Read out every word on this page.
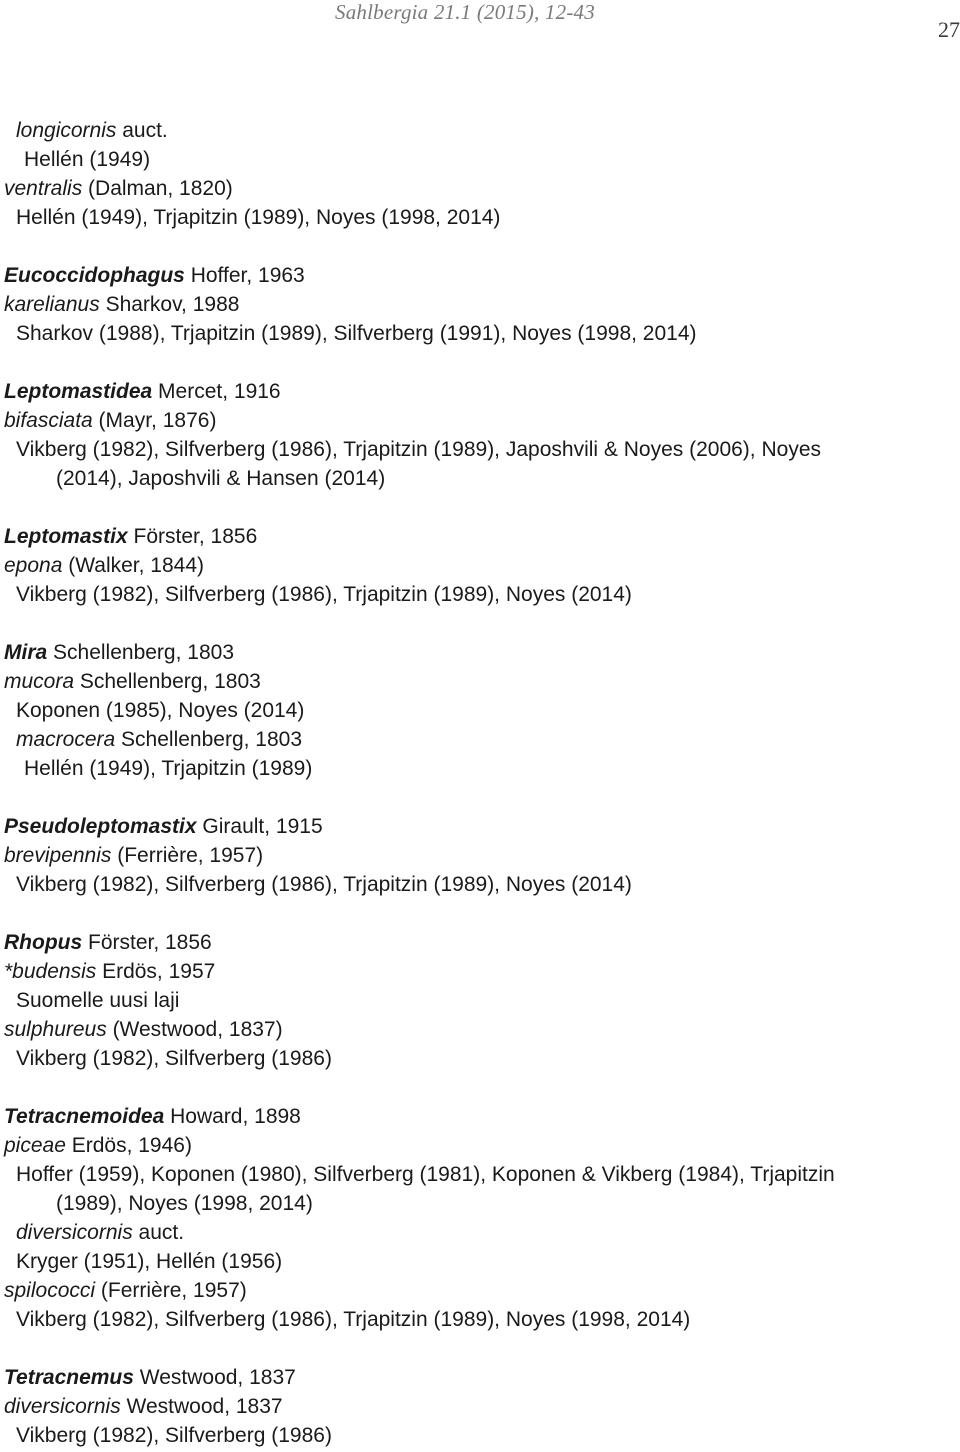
Sahlbergia 21.1 (2015), 12-43
27
longicornis auct.
Hellén (1949)
ventralis (Dalman, 1820)
Hellén (1949), Trjapitzin (1989), Noyes (1998, 2014)
Eucoccidophagus Hoffer, 1963
karelianus Sharkov, 1988
Sharkov (1988), Trjapitzin (1989), Silfverberg (1991), Noyes (1998, 2014)
Leptomastidea Mercet, 1916
bifasciata (Mayr, 1876)
Vikberg (1982), Silfverberg (1986), Trjapitzin (1989), Japoshvili & Noyes (2006), Noyes
(2014), Japoshvili & Hansen (2014)
Leptomastix Förster, 1856
epona (Walker, 1844)
Vikberg (1982), Silfverberg (1986), Trjapitzin (1989), Noyes (2014)
Mira Schellenberg, 1803
mucora Schellenberg, 1803
Koponen (1985), Noyes (2014)
macrocera Schellenberg, 1803
Hellén (1949), Trjapitzin (1989)
Pseudoleptomastix Girault, 1915
brevipennis (Ferrière, 1957)
Vikberg (1982), Silfverberg (1986), Trjapitzin (1989), Noyes (2014)
Rhopus Förster, 1856
*budensis Erdös, 1957
Suomelle uusi laji
sulphureus (Westwood, 1837)
Vikberg (1982), Silfverberg (1986)
Tetracnemoidea Howard, 1898
piceae Erdös, 1946)
Hoffer (1959), Koponen (1980), Silfverberg (1981), Koponen & Vikberg (1984), Trjapitzin
(1989), Noyes (1998, 2014)
diversicornis auct.
Kryger (1951), Hellén (1956)
spilococci (Ferrière, 1957)
Vikberg (1982), Silfverberg (1986), Trjapitzin (1989), Noyes (1998, 2014)
Tetracnemus Westwood, 1837
diversicornis Westwood, 1837
Vikberg (1982), Silfverberg (1986)
